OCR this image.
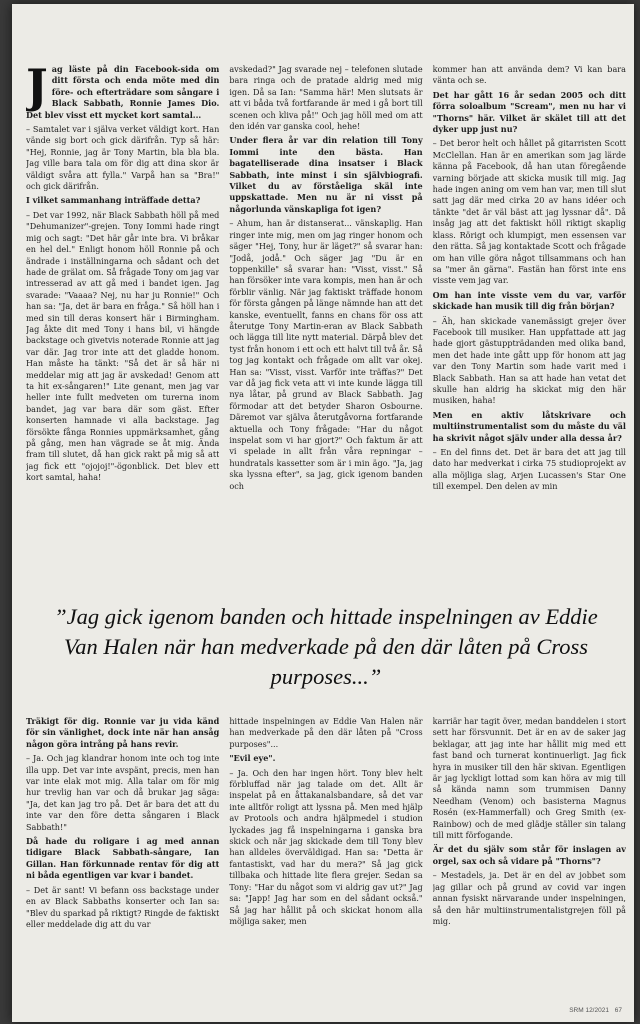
J ag läste på din Facebook-sida om ditt första och enda möte med din före- och efterträdare som sångare i Black Sabbath, Ronnie James Dio. Det blev visst ett mycket kort samtal...

– Samtalet var i själva verket väldigt kort. Han vände sig bort och gick därifrån. Typ så här: "Hej, Ronnie, jag är Tony Martin, bla bla bla. Jag ville bara tala om för dig att dina skor är väldigt svåra att fylla." Varpå han sa "Bra!" och gick därifrån.

I vilket sammanhang inträffade detta?

– Det var 1992, när Black Sabbath höll på med "Dehumanizer"-grejen. Tony Iommi hade ringt mig och sagt: "Det här går inte bra. Vi bråkar en hel del." Enligt honom höll Ronnie på och ändrade i inställningarna och sådant och det hade de grälat om. Så frågade Tony om jag var intresserad av att gå med i bandet igen. Jag svarade: "Vaaaa? Nej, nu har ju Ronnie!" Och han sa: "Ja, det är bara en fråga." Så höll han i med sin till deras konsert här i Birmingham. Jag åkte dit med Tony i hans bil, vi hängde backstage och givetvis noterade Ronnie att jag var där. Jag tror inte att det gladde honom. Han måste ha tänkt: "Så det är så här ni meddelar mig att jag är avskedad! Genom att ta hit ex-sångaren!" Lite genant, men jag var heller inte fullt medveten om turerna inom bandet, jag var bara där som gäst. Efter konserten hamnade vi alla backstage. Jag försökte fånga Ronnies uppmärksamhet, gång på gång, men han vägrade se åt mig. Ända fram till slutet, då han gick rakt på mig så att jag fick ett "ojojoj!"-ögonblick. Det blev ett kort samtal, haha!

avskedad?" Jag svarade nej – telefonen slutade bara ringa och de pratade aldrig med mig igen. Då sa Ian: "Samma här! Men slutsats är att vi båda två fortfarande är med i gå bort till scenen och kliva på!" Och jag höll med om att den idén var ganska cool, hehe!

Under flera år var din relation till Tony Iommi inte den bästa. Han bagatelliserade dina insatser i Black Sabbath, inte minst i sin självbiografi. Vilket du av förståeliga skäl inte uppskattade. Men nu är ni visst på någorlunda vänskapliga fot igen?

– Ahum, han är distanserat... vänskaplig. Han ringer inte mig, men om jag ringer honom och säger "Hej, Tony, hur är läget?" så svarar han: "Jodå, jodå." Och säger jag "Du är en toppenkille" så svarar han: "Visst, visst." Så han försöker inte vara kompis, men han är och förblir vänlig. När jag faktiskt träffade honom för första gången på länge nämnde han att det kanske, eventuellt, fanns en chans för oss att återutge Tony Martin-eran av Black Sabbath och lägga till lite nytt material. Därpå blev det tyst från honom i ett och ett halvt till två år. Så tog jag kontakt och frågade om allt var okej. Han sa: "Visst, visst. Varför inte träffas?" Det var då jag fick veta att vi inte kunde lägga till nya låtar, på grund av Black Sabbath. Jag förmodar att det betyder Sharon Osbourne. Däremot var själva återutgåvorna fortfarande aktuella och Tony frågade: "Har du något inspelat som vi har gjort?" Och faktum är att vi spelade in allt från våra repningar – hundratals kassetter som är i min ägo. "Ja, jag ska lyssna efter", sa jag, gick igenom banden och

kommer han att använda dem? Vi kan bara vänta och se.

Det har gått 16 år sedan 2005 och ditt förra soloalbum "Scream", men nu har vi "Thorns" här. Vilket är skälet till att det dyker upp just nu?

– Det beror helt och hållet på gitarristen Scott McClellan. Han är en amerikan som jag lärde känna på Facebook, då han utan föregående varning började att skicka musik till mig. Jag hade ingen aning om vem han var, men till slut satt jag där med cirka 20 av hans idéer och tänkte "det är väl bäst att jag lyssnar då". Då insåg jag att det faktiskt höll riktigt skaplig klass. Rörigt och klumpigt, men essensen var den rätta. Så jag kontaktade Scott och frågade om han ville göra något tillsammans och han sa "mer än gärna". Fastän han först inte ens visste vem jag var.

Om han inte visste vem du var, varför skickade han musik till dig från början?

– Äh, han skickade vanemässigt grejer över Facebook till musiker. Han uppfattade att jag hade gjort gästuppträdanden med olika band, men det hade inte gått upp för honom att jag var den Tony Martin som hade varit med i Black Sabbath. Han sa att hade han vetat det skulle han aldrig ha skickat mig den här musiken, haha!

Men en aktiv låtskrivare och multiinstrumentalist som du måste du väl ha skrivit något själv under alla dessa år?

– En del finns det. Det är bara det att jag till dato har medverkat i cirka 75 studioprojekt av alla möjliga slag, Arjen Lucassen's Star One till exempel. Den delen av min

”Jag gick igenom banden och hittade inspelningen av Eddie Van Halen när han medverkade på den där låten på Cross purposes...”

Träkigt för dig. Ronnie var ju vida känd för sin vänlighet, dock inte när han ansåg någon göra intrång på hans revir.

– Ja. Och jag klandrar honom inte och tog inte illa upp. Det var inte avspänt, precis, men han var inte elak mot mig. Alla talar om för mig hur trevlig han var och då brukar jag säga: "Ja, det kan jag tro på. Det är bara det att du inte var den före detta sångaren i Black Sabbath!"

Då hade du roligare i ag med annan tidigare Black Sabbath-sångare, Ian Gillan. Han förkunnade rentav för dig att ni båda egentligen var kvar i bandet.

– Det är sant! Vi befann oss backstage under en av Black Sabbaths konserter och Ian sa: "Blev du sparkad på riktigt? Ringde de faktiskt eller meddelade dig att du var

hittade inspelningen av Eddie Van Halen när han medverkade på den där låten på "Cross purposes"...

"Evil eye".

– Ja. Och den har ingen hört. Tony blev helt förbluffad när jag talade om det. Allt är inspelat på en åttakanalsbandare, så det var inte alltför roligt att lyssna på. Men med hjälp av Protools och andra hjälpmedel i studion lyckades jag få inspelningarna i ganska bra skick och när jag skickade dem till Tony blev han alldeles överväldigad. Han sa: "Detta är fantastiskt, vad har du mera?" Så jag gick tillbaka och hittade lite flera grejer. Sedan sa Tony: "Har du något som vi aldrig gav ut?" Jag sa: "Japp! Jag har som en del sådant också." Så jag har hållit på och skickat honom alla möjliga saker, men

karriär har tagit över, medan banddelen i stort sett har försvunnit. Det är en av de saker jag beklagar, att jag inte har hållit mig med ett fast band och turnerat kontinuerligt. Jag fick hyra in musiker till den här skivan. Egentligen är jag lyckligt lottad som kan höra av mig till så kända namn som trummisen Danny Needham (Venom) och basisterna Magnus Rosén (ex-Hammerfall) och Greg Smith (ex-Rainbow) och de med glädje ställer sin talang till mitt förfogande.

Är det du själv som står för inslagen av orgel, sax och så vidare på "Thorns"?

– Mestadels, ja. Det är en del av jobbet som jag gillar och på grund av covid var ingen annan fysiskt närvarande under inspelningen, så den här multiinstrumentalistgrejen föll på mig.

SRM 12/2021 67
